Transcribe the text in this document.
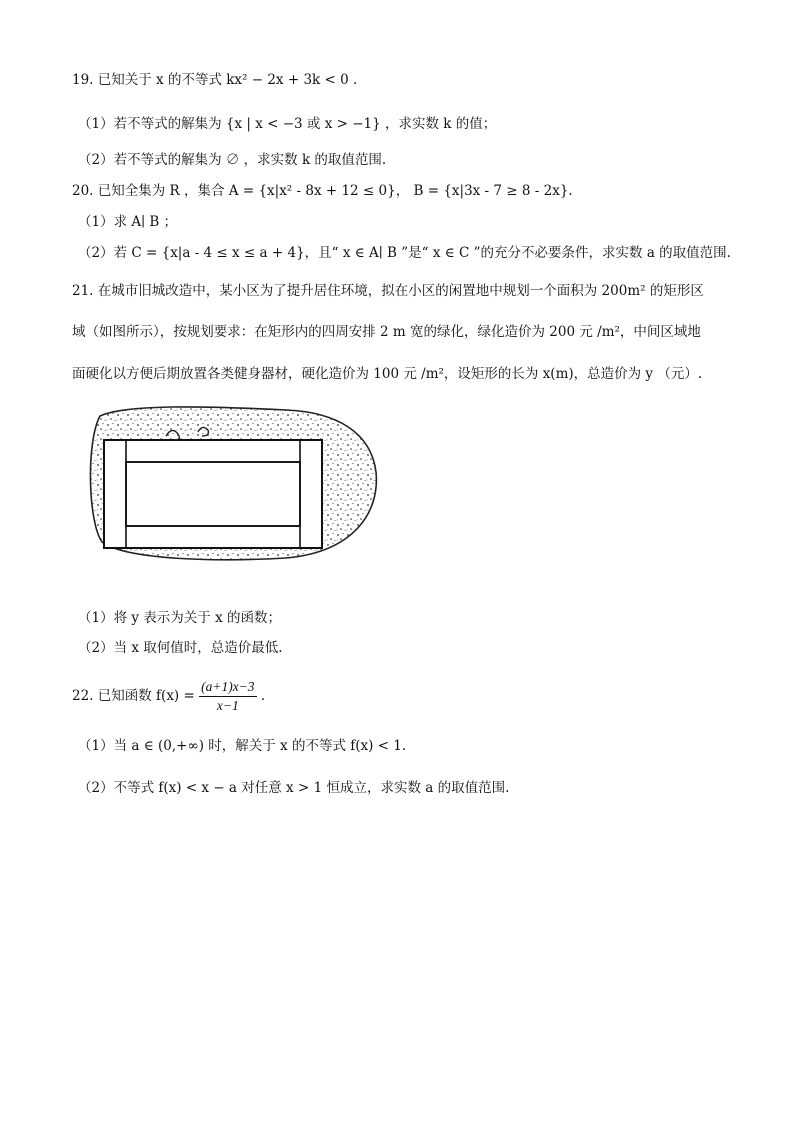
19. 已知关于 x 的不等式 kx² − 2x + 3k < 0 .
（1）若不等式的解集为 {x | x < −3 或 x > −1} ，求实数 k 的值；
（2）若不等式的解集为 ∅ ，求实数 k 的取值范围.
20. 已知全集为 R ，集合 A = {x|x² - 8x + 12 ≤ 0}， B = {x|3x - 7 ≥ 8 - 2x}.
（1）求 A∣ B ；
（2）若 C = {x|a - 4 ≤ x ≤ a + 4}，且“ x ∈ A∣ B ”是“ x ∈ C ”的充分不必要条件，求实数 a 的取值范围.
21. 在城市旧城改造中，某小区为了提升居住环境，拟在小区的闲置地中规划一个面积为 200m² 的矩形区
域（如图所示），按规划要求：在矩形内的四周安排 2 m 宽的绿化，绿化造价为 200 元 /m²，中间区域地
面硬化以方便后期放置各类健身器材，硬化造价为 100 元 /m²，设矩形的长为 x(m)，总造价为 y （元）.
（1）将 y 表示为关于 x 的函数；
（2）当 x 取何值时，总造价最低.
22. 已知函数 $f(x) = \frac{(a+1)x-3}{x-1}$ .
（1）当 a ∈ (0,+∞) 时，解关于 x 的不等式 f(x) < 1.
（2）不等式 f(x) < x − a 对任意 x > 1 恒成立，求实数 a 的取值范围.
